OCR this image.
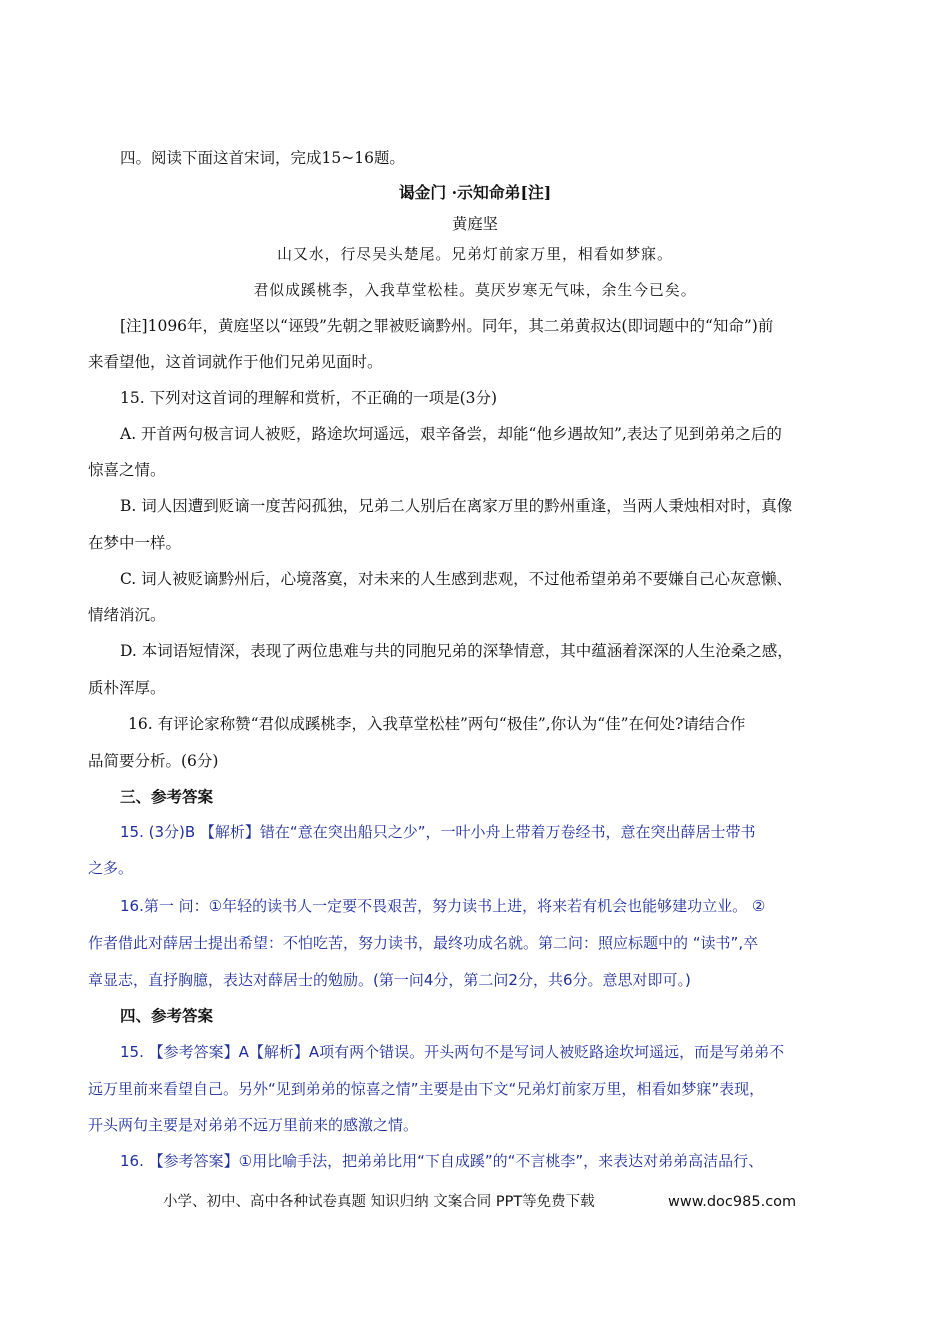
四。阅读下面这首宋词，完成15~16题。
谒金门 ·示知命弟[注]
黄庭坚
山又水，行尽吴头楚尾。兄弟灯前家万里，相看如梦寐。
君似成蹊桃李，入我草堂松桂。莫厌岁寒无气味，余生今已矣。
[注]1096年，黄庭坚以“诬毁”先朝之罪被贬谪黔州。同年，其二弟黄叔达(即词题中的“知命”)前
来看望他，这首词就作于他们兄弟见面时。
15. 下列对这首词的理解和赏析，不正确的一项是(3分)
A. 开首两句极言词人被贬，路途坎坷遥远，艰辛备尝，却能“他乡遇故知”,表达了见到弟弟之后的
惊喜之情。
B. 词人因遭到贬谪一度苦闷孤独，兄弟二人别后在离家万里的黔州重逢，当两人秉烛相对时，真像
在梦中一样。
C. 词人被贬谪黔州后，心境落寞，对未来的人生感到悲观，不过他希望弟弟不要嫌自己心灰意懒、
情绪消沉。
D. 本词语短情深，表现了两位患难与共的同胞兄弟的深挚情意，其中蕴涵着深深的人生沧桑之感，
质朴浑厚。
16. 有评论家称赞“君似成蹊桃李，入我草堂松桂”两句“极佳”,你认为“佳”在何处?请结合作
品简要分析。(6分)
三、参考答案
15. (3分)B 【解析】错在“意在突出船只之少”，一叶小舟上带着万卷经书，意在突出薛居士带书
之多。
16.第一 问：①年轻的读书人一定要不畏艰苦，努力读书上进，将来若有机会也能够建功立业。 ②
作者借此对薛居士提出希望：不怕吃苦，努力读书，最终功成名就。第二问：照应标题中的 “读书”,卒
章显志，直抒胸臆，表达对薛居士的勉励。(第一问4分，第二问2分，共6分。意思对即可。)
四、参考答案
15. 【参考答案】A【解析】A项有两个错误。开头两句不是写词人被贬路途坎坷遥远，而是写弟弟不
远万里前来看望自己。另外“见到弟弟的惊喜之情”主要是由下文“兄弟灯前家万里，相看如梦寐”表现，
开头两句主要是对弟弟不远万里前来的感激之情。
16. 【参考答案】①用比喻手法，把弟弟比用“下自成蹊”的“不言桃李”，来表达对弟弟高洁品行、
小学、初中、高中各种试卷真题 知识归纳 文案合同 PPT等免费下载	www.doc985.com
